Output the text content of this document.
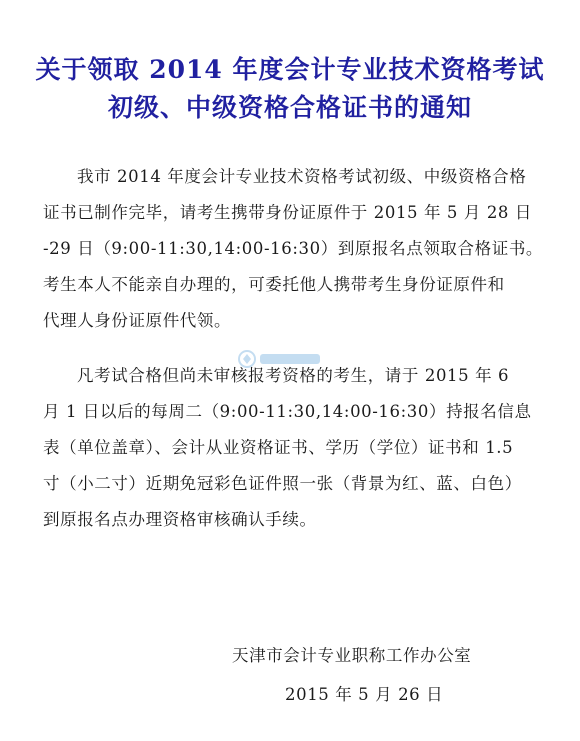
关于领取 2014 年度会计专业技术资格考试
初级、中级资格合格证书的通知
我市 2014 年度会计专业技术资格考试初级、中级资格合格
证书已制作完毕，请考生携带身份证原件于 2015 年 5 月 28 日
-29 日（9:00-11:30,14:00-16:30）到原报名点领取合格证书。
考生本人不能亲自办理的，可委托他人携带考生身份证原件和
代理人身份证原件代领。
凡考试合格但尚未审核报考资格的考生，请于 2015 年 6
月 1 日以后的每周二（9:00-11:30,14:00-16:30）持报名信息
表（单位盖章）、会计从业资格证书、学历（学位）证书和 1.5
寸（小二寸）近期免冠彩色证件照一张（背景为红、蓝、白色）
到原报名点办理资格审核确认手续。
天津市会计专业职称工作办公室
2015 年 5 月 26 日
